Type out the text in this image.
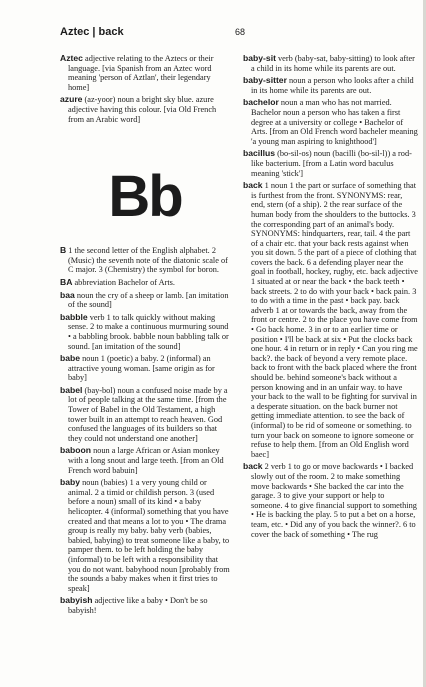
Aztec | back	68

Aztec adjective relating to the Aztecs or their language. [via Spanish from an Aztec word meaning 'person of Aztlan', their legendary home]

azure (az-yoor) noun a bright sky blue. azure adjective having this colour. [via Old French from an Arabic word]

Bb

B 1 the second letter of the English alphabet. 2 (Music) the seventh note of the diatonic scale of C major. 3 (Chemistry) the symbol for boron.

BA abbreviation Bachelor of Arts.

baa noun the cry of a sheep or lamb. [an imitation of the sound]

babble verb 1 to talk quickly without making sense. 2 to make a continuous murmuring sound • a babbling brook. babble noun babbling talk or sound. [an imitation of the sound]

babe noun 1 (poetic) a baby. 2 (informal) an attractive young woman. [same origin as for baby]

babel (bay-bol) noun a confused noise made by a lot of people talking at the same time. [from the Tower of Babel in the Old Testament, a high tower built in an attempt to reach heaven. God confused the languages of its builders so that they could not understand one another]

baboon noun a large African or Asian monkey with a long snout and large teeth. [from an Old French word babuin]

baby noun (babies) 1 a very young child or animal. 2 a timid or childish person. 3 (used before a noun) small of its kind • a baby helicopter. 4 (informal) something that you have created and that means a lot to you • The drama group is really my baby. baby verb (babies, babied, babying) to treat someone like a baby, to pamper them. to be left holding the baby (informal) to be left with a responsibility that you do not want. babyhood noun [probably from the sounds a baby makes when it first tries to speak]

babyish adjective like a baby • Don't be so babyish!

baby-sit verb (baby-sat, baby-sitting) to look after a child in its home while its parents are out.

baby-sitter noun a person who looks after a child in its home while its parents are out.

bachelor noun a man who has not married. Bachelor noun a person who has taken a first degree at a university or college • Bachelor of Arts. [from an Old French word bacheler meaning 'a young man aspiring to knighthood']

bacillus (bo-sil-os) noun (bacilli (bo-sil-l)) a rod-like bacterium. [from a Latin word baculus meaning 'stick']

back 1 noun 1 the part or surface of something that is furthest from the front. SYNONYMS: rear, end, stern (of a ship). 2 the rear surface of the human body from the shoulders to the buttocks. 3 the corresponding part of an animal's body. SYNONYMS: hindquarters, rear, tail. 4 the part of a chair etc. that your back rests against when you sit down. 5 the part of a piece of clothing that covers the back. 6 a defending player near the goal in football, hockey, rugby, etc. back adjective 1 situated at or near the back • the back teeth • back streets. 2 to do with your back • back pain. 3 to do with a time in the past • back pay. back adverb 1 at or towards the back, away from the front or centre. 2 to the place you have come from • Go back home. 3 in or to an earlier time or position • I'll be back at six • Put the clocks back one hour. 4 in return or in reply • Can you ring me back?. the back of beyond a very remote place. back to front with the back placed where the front should be. behind someone's back without a person knowing and in an unfair way. to have your back to the wall to be fighting for survival in a desperate situation. on the back burner not getting immediate attention. to see the back of (informal) to be rid of someone or something. to turn your back on someone to ignore someone or refuse to help them. [from an Old English word baec]

back 2 verb 1 to go or move backwards • I backed slowly out of the room. 2 to make something move backwards • She backed the car into the garage. 3 to give your support or help to someone. 4 to give financial support to something • He is backing the play. 5 to put a bet on a horse, team, etc. • Did any of you back the winner?. 6 to cover the back of something • The rug
